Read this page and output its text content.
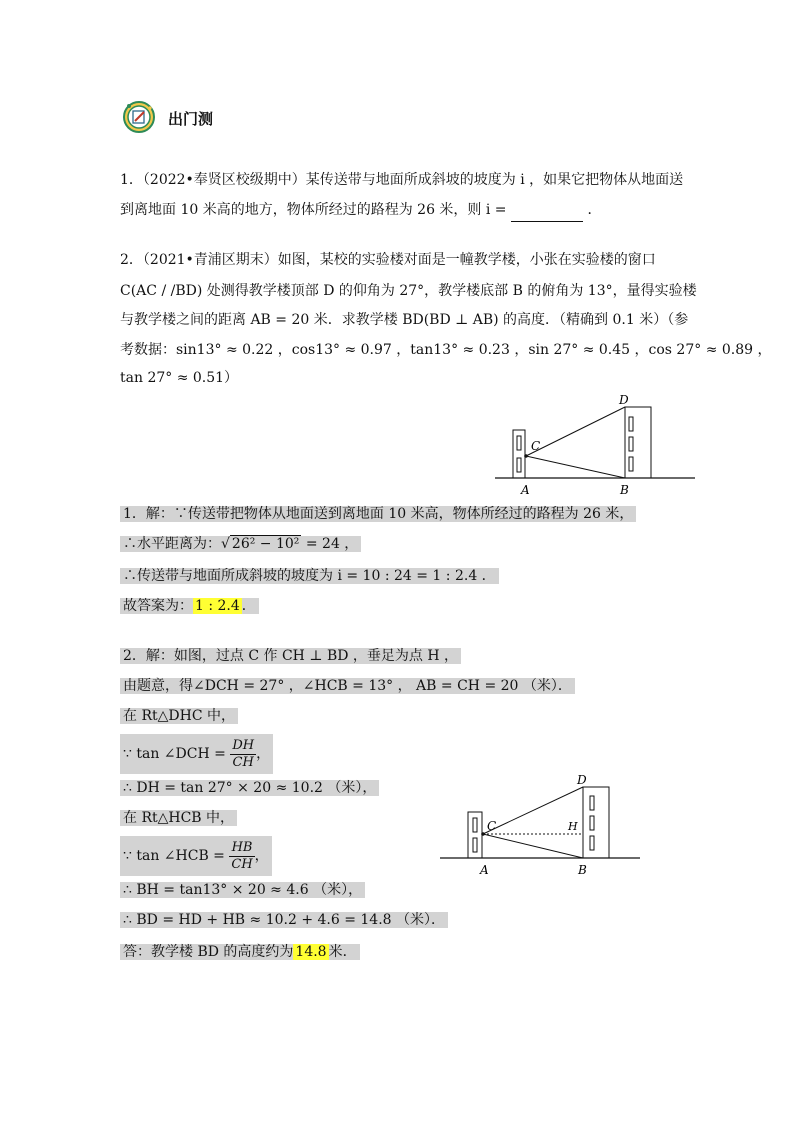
出门测
1．（2022•奉贤区校级期中）某传送带与地面所成斜坡的坡度为 i ，如果它把物体从地面送
到离地面 10 米高的地方，物体所经过的路程为 26 米，则 i =	．
2．（2021•青浦区期末）如图，某校的实验楼对面是一幢教学楼，小张在实验楼的窗口
C(AC / /BD) 处测得教学楼顶部 D 的仰角为 27°，教学楼底部 B 的俯角为 13°，量得实验楼
与教学楼之间的距离 AB = 20 米．求教学楼 BD(BD ⊥ AB) 的高度．（精确到 0.1 米）（参
考数据：sin13° ≈ 0.22 ，cos13° ≈ 0.97 ，tan13° ≈ 0.23 ，sin 27° ≈ 0.45 ，cos 27° ≈ 0.89 ，
tan 27° ≈ 0.51）
D
C
A	B
1．解：∵传送带把物体从地面送到离地面 10 米高，物体所经过的路程为 26 米，
∴水平距离为：√ 26² − 10² = 24 ，
∴传送带与地面所成斜坡的坡度为 i = 10 : 24 = 1 : 2.4 ．
故答案为： 1 : 2.4 ．
2．解：如图，过点 C 作 CH ⊥ BD ，垂足为点 H ，
由题意，得∠DCH = 27° ，∠HCB = 13° ， AB = CH = 20 （米）．
在 Rt△DHC 中，
∵ tan ∠DCH = $\frac{DH}{CH}$ ，
∴ DH = tan 27° × 20 ≈ 10.2 （米），
在 Rt△HCB 中，
∵ tan ∠HCB = $\frac{HB}{CH}$ ，
∴ BH = tan13° × 20 ≈ 4.6 （米），
∴ BD = HD + HB ≈ 10.2 + 4.6 = 14.8 （米）．
答：教学楼 BD 的高度约为 14.8 米．
D
C	H
A	B
